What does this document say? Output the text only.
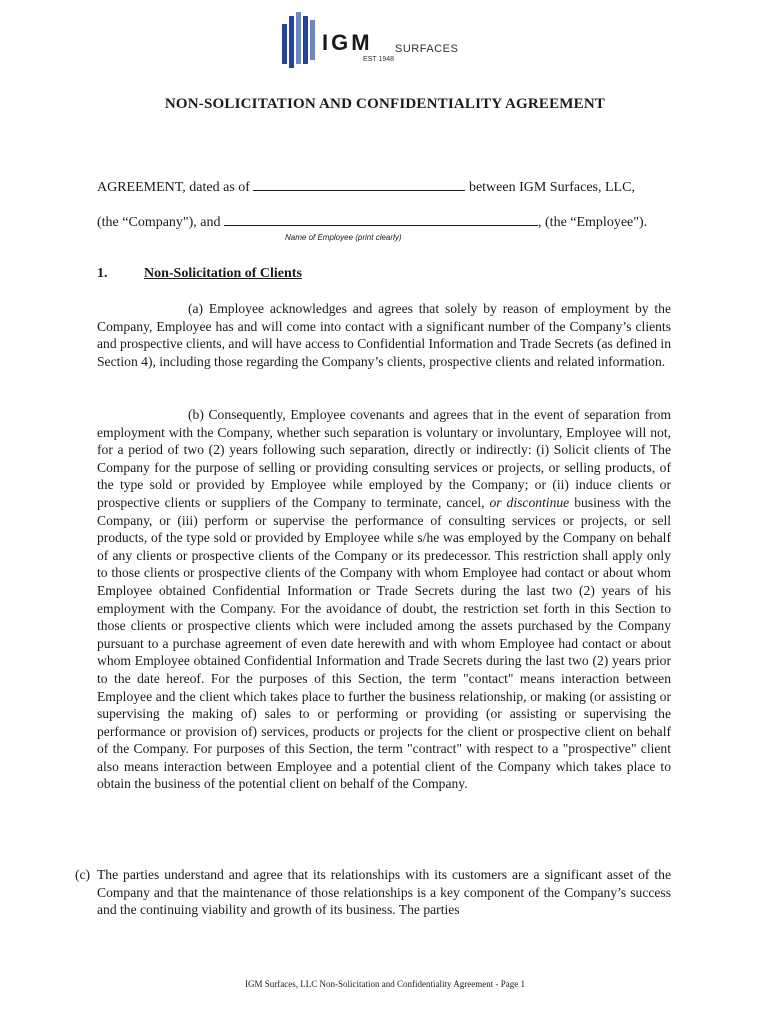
IGM SURFACES
EST 1948
NON-SOLICITATION AND CONFIDENTIALITY AGREEMENT
AGREEMENT, dated as of	between IGM Surfaces, LLC,
(the “Company"), and	, (the “Employee").
Name of Employee (print clearly)
1.	Non-Solicitation of Clients
(a) Employee acknowledges and agrees that solely by reason of employment by the Company, Employee has and will come into contact with a significant number of the Company’s clients and prospective clients, and will have access to Confidential Information and Trade Secrets (as defined in Section 4), including those regarding the Company’s clients, prospective clients and related information.
(b) Consequently, Employee covenants and agrees that in the event of separation from employment with the Company, whether such separation is voluntary or involuntary, Employee will not, for a period of two (2) years following such separation, directly or indirectly: (i) Solicit clients of The Company for the purpose of selling or providing consulting services or projects, or selling products, of the type sold or provided by Employee while employed by the Company; or (ii) induce clients or prospective clients or suppliers of the Company to terminate, cancel, or discontinue business with the Company, or (iii) perform or supervise the performance of consulting services or projects, or sell products, of the type sold or provided by Employee while s/he was employed by the Company on behalf of any clients or prospective clients of the Company or its predecessor. This restriction shall apply only to those clients or prospective clients of the Company with whom Employee had contact or about whom Employee obtained Confidential Information or Trade Secrets during the last two (2) years of his employment with the Company. For the avoidance of doubt, the restriction set forth in this Section to those clients or prospective clients which were included among the assets purchased by the Company pursuant to a purchase agreement of even date herewith and with whom Employee had contact or about whom Employee obtained Confidential Information and Trade Secrets during the last two (2) years prior to the date hereof. For the purposes of this Section, the term "contact" means interaction between Employee and the client which takes place to further the business relationship, or making (or assisting or supervising the making of) sales to or performing or providing (or assisting or supervising the performance or provision of) services, products or projects for the client or prospective client on behalf of the Company. For purposes of this Section, the term "contract" with respect to a "prospective" client also means interaction between Employee and a potential client of the Company which takes place to obtain the business of the potential client on behalf of the Company.
(c) The parties understand and agree that its relationships with its customers are a significant asset of the Company and that the maintenance of those relationships is a key component of the Company’s success and the continuing viability and growth of its business. The parties
IGM Surfaces, LLC Non-Solicitation and Confidentiality Agreement - Page 1
